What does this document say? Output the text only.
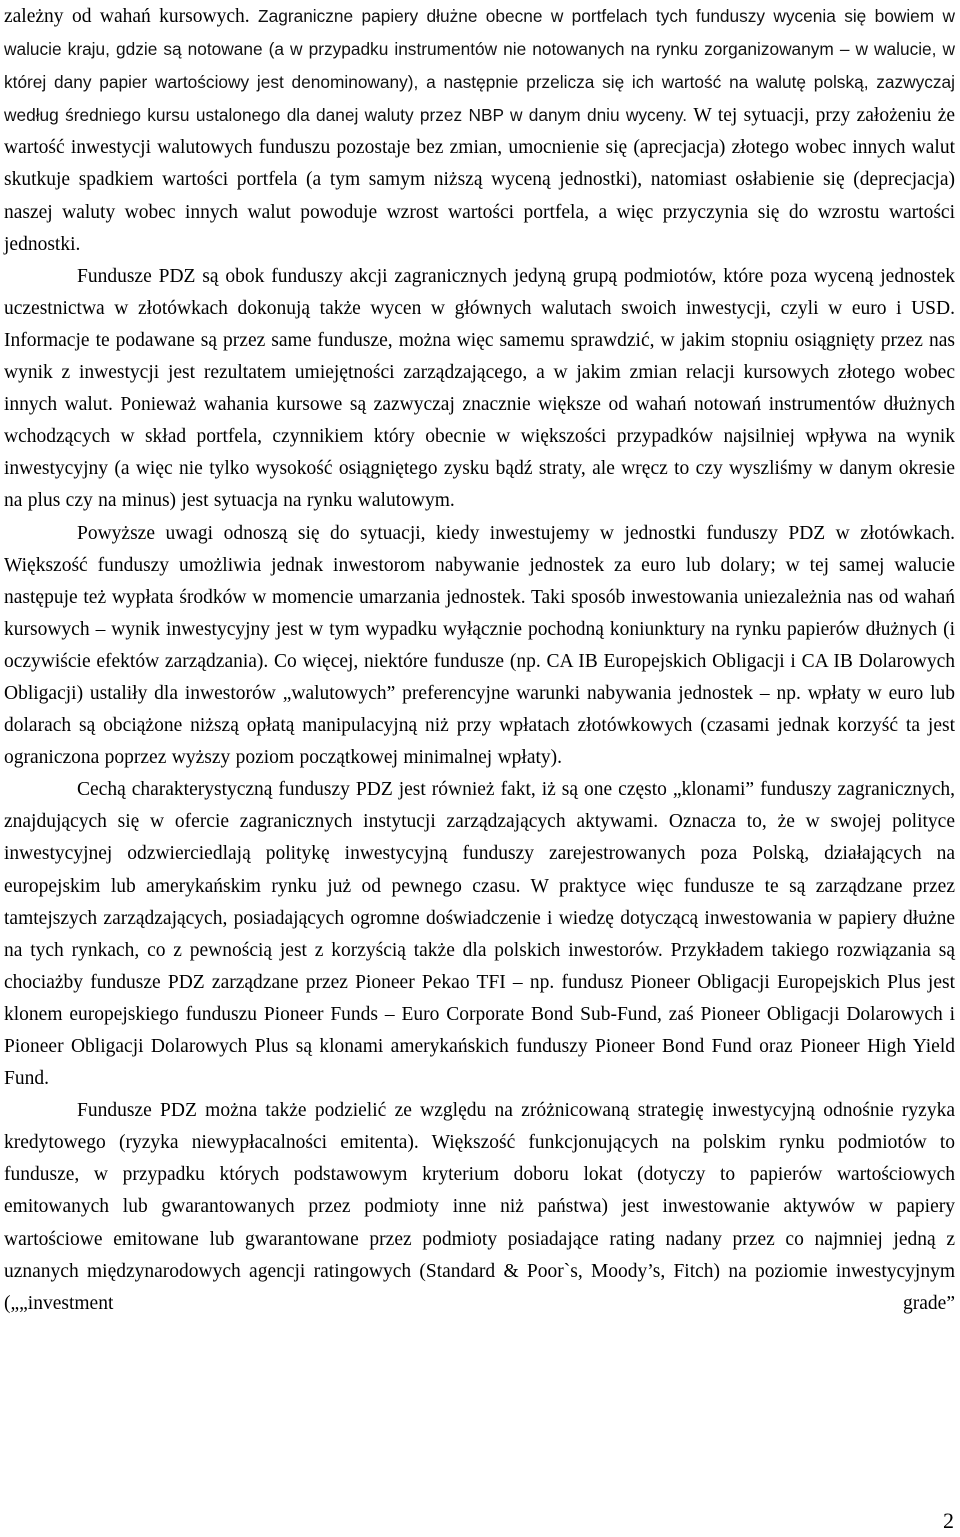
zależny od wahań kursowych. Zagraniczne papiery dłużne obecne w portfelach tych funduszy wycenia się bowiem w walucie kraju, gdzie są notowane (a w przypadku instrumentów nie notowanych na rynku zorganizowanym – w walucie, w której dany papier wartościowy jest denominowany), a następnie przelicza się ich wartość na walutę polską, zazwyczaj według średniego kursu ustalonego dla danej waluty przez NBP w danym dniu wyceny. W tej sytuacji, przy założeniu że wartość inwestycji walutowych funduszu pozostaje bez zmian, umocnienie się (aprecjacja) złotego wobec innych walut skutkuje spadkiem wartości portfela (a tym samym niższą wyceną jednostki), natomiast osłabienie się (deprecjacja) naszej waluty wobec innych walut powoduje wzrost wartości portfela, a więc przyczynia się do wzrostu wartości jednostki.

Fundusze PDZ są obok funduszy akcji zagranicznych jedyną grupą podmiotów, które poza wyceną jednostek uczestnictwa w złotówkach dokonują także wycen w głównych walutach swoich inwestycji, czyli w euro i USD. Informacje te podawane są przez same fundusze, można więc samemu sprawdzić, w jakim stopniu osiągnięty przez nas wynik z inwestycji jest rezultatem umiejętności zarządzającego, a w jakim zmian relacji kursowych złotego wobec innych walut. Ponieważ wahania kursowe są zazwyczaj znacznie większe od wahań notowań instrumentów dłużnych wchodzących w skład portfela, czynnikiem który obecnie w większości przypadków najsilniej wpływa na wynik inwestycyjny (a więc nie tylko wysokość osiągniętego zysku bądź straty, ale wręcz to czy wyszliśmy w danym okresie na plus czy na minus) jest sytuacja na rynku walutowym.

Powyższe uwagi odnoszą się do sytuacji, kiedy inwestujemy w jednostki funduszy PDZ w złotówkach. Większość funduszy umożliwia jednak inwestorom nabywanie jednostek za euro lub dolary; w tej samej walucie następuje też wypłata środków w momencie umarzania jednostek. Taki sposób inwestowania uniezależnia nas od wahań kursowych – wynik inwestycyjny jest w tym wypadku wyłącznie pochodną koniunktury na rynku papierów dłużnych (i oczywiście efektów zarządzania). Co więcej, niektóre fundusze (np. CA IB Europejskich Obligacji i CA IB Dolarowych Obligacji) ustaliły dla inwestorów „walutowych” preferencyjne warunki nabywania jednostek – np. wpłaty w euro lub dolarach są obciążone niższą opłatą manipulacyjną niż przy wpłatach złotówkowych (czasami jednak korzyść ta jest ograniczona poprzez wyższy poziom początkowej minimalnej wpłaty).

Cechą charakterystyczną funduszy PDZ jest również fakt, iż są one często „klonami” funduszy zagranicznych, znajdujących się w ofercie zagranicznych instytucji zarządzających aktywami. Oznacza to, że w swojej polityce inwestycyjnej odzwierciedlają politykę inwestycyjną funduszy zarejestrowanych poza Polską, działających na europejskim lub amerykańskim rynku już od pewnego czasu. W praktyce więc fundusze te są zarządzane przez tamtejszych zarządzających, posiadających ogromne doświadczenie i wiedzę dotyczącą inwestowania w papiery dłużne na tych rynkach, co z pewnością jest z korzyścią także dla polskich inwestorów. Przykładem takiego rozwiązania są chociażby fundusze PDZ zarządzane przez Pioneer Pekao TFI – np. fundusz Pioneer Obligacji Europejskich Plus jest klonem europejskiego funduszu Pioneer Funds – Euro Corporate Bond Sub-Fund, zaś Pioneer Obligacji Dolarowych i Pioneer Obligacji Dolarowych Plus są klonami amerykańskich funduszy Pioneer Bond Fund oraz Pioneer High Yield Fund.

Fundusze PDZ można także podzielić ze względu na zróżnicowaną strategię inwestycyjną odnośnie ryzyka kredytowego (ryzyka niewypłacalności emitenta). Większość funkcjonujących na polskim rynku podmiotów to fundusze, w przypadku których podstawowym kryterium doboru lokat (dotyczy to papierów wartościowych emitowanych lub gwarantowanych przez podmioty inne niż państwa) jest inwestowanie aktywów w papiery wartościowe emitowane lub gwarantowane przez podmioty posiadające rating nadany przez co najmniej jedną z uznanych międzynarodowych agencji ratingowych (Standard & Poor`s, Moody’s, Fitch) na poziomie inwestycyjnym („„investment grade”

2
